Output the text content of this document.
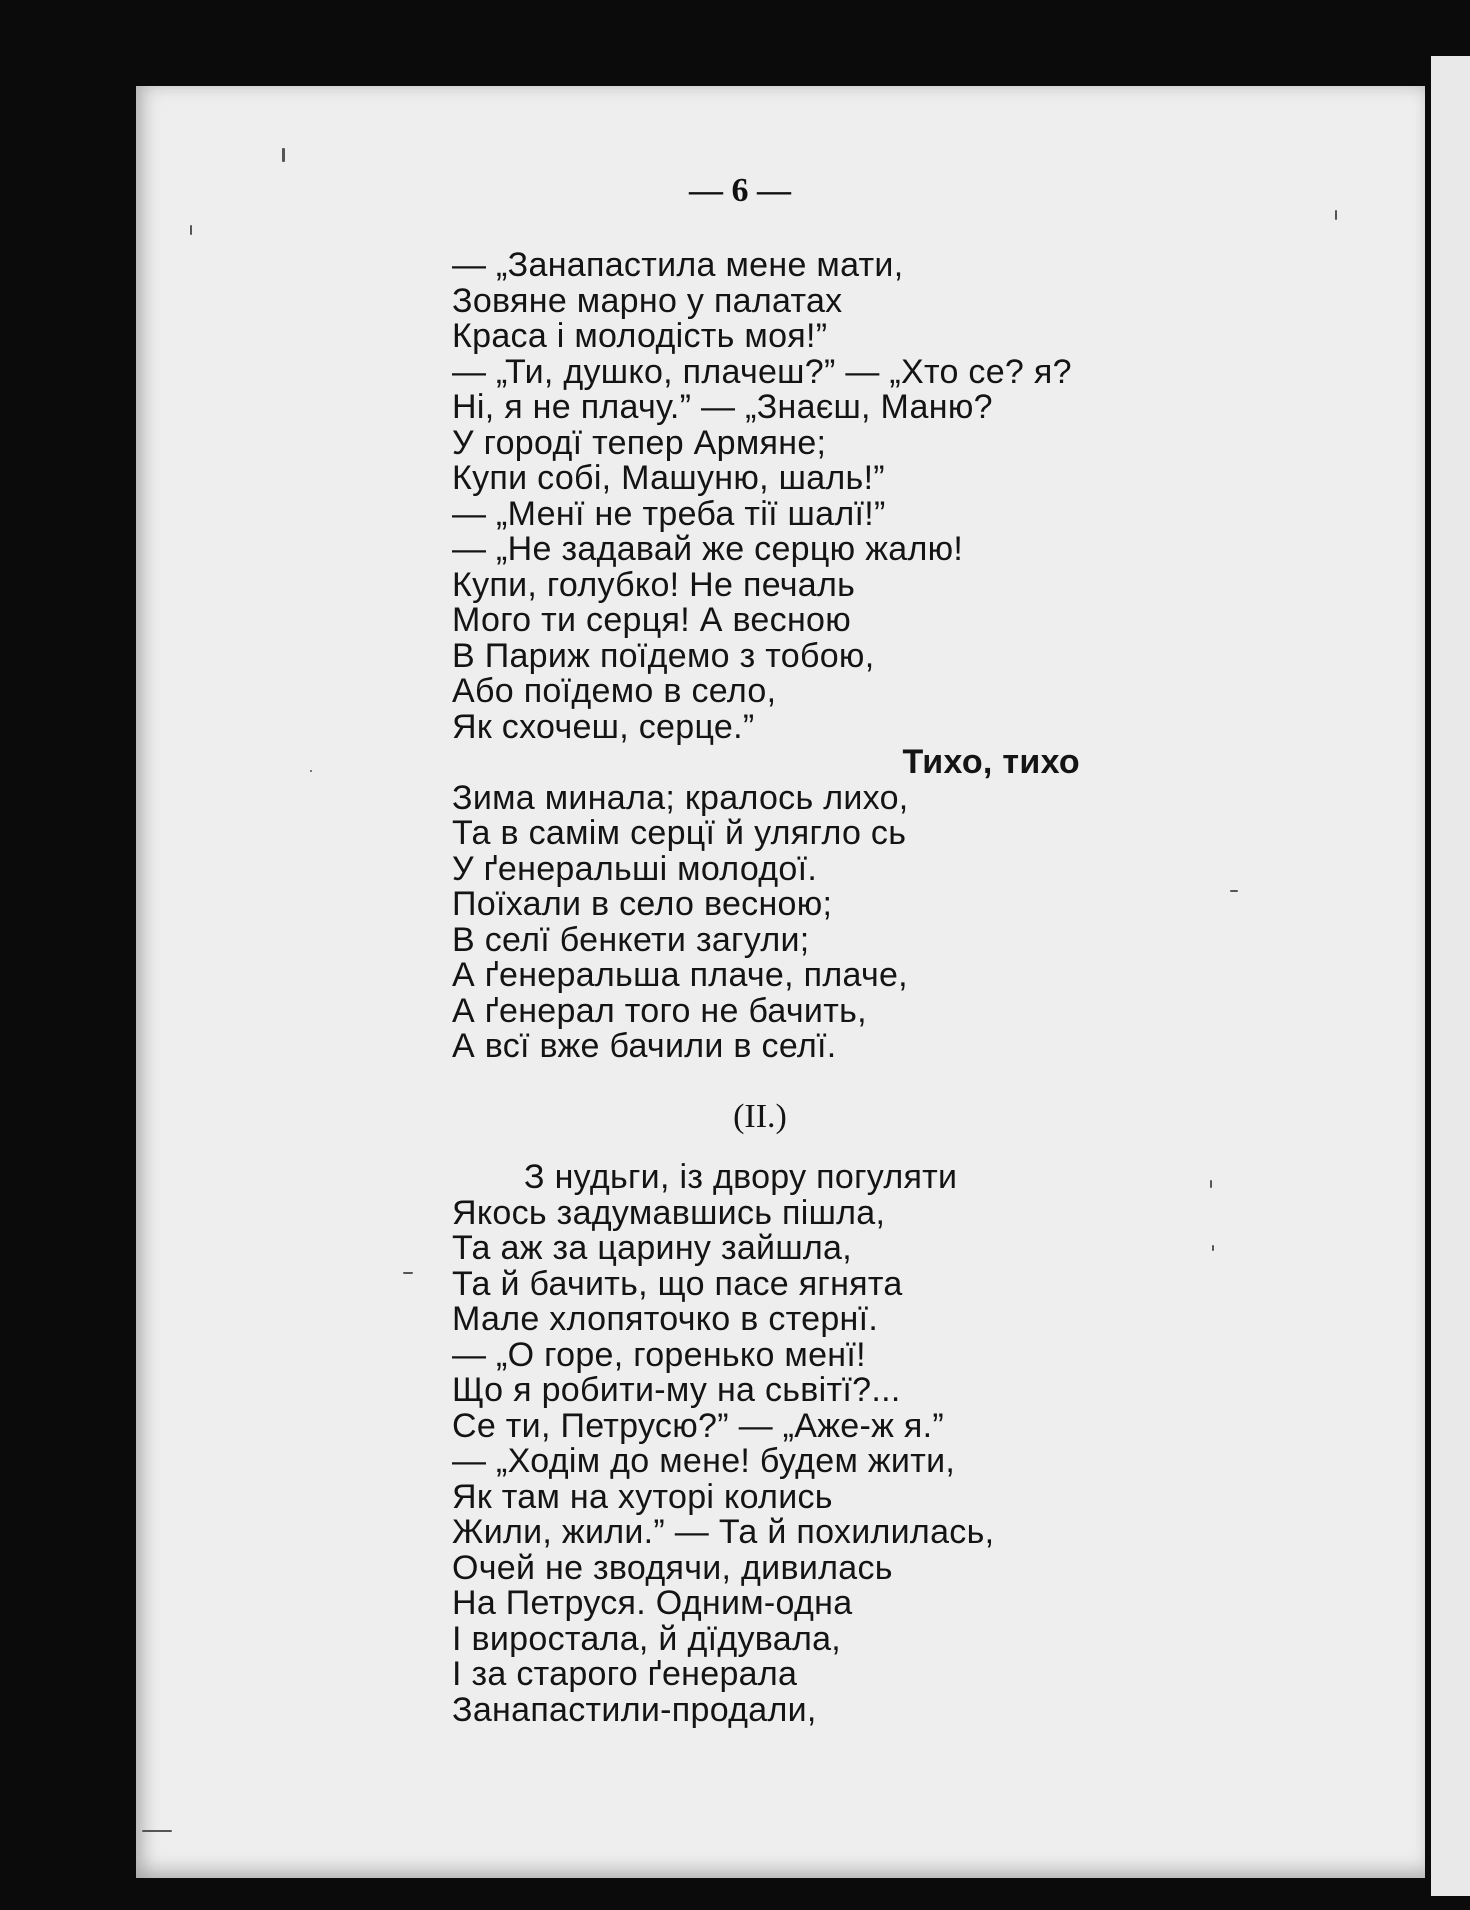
— 6 —
— „Занапастила мене мати,
Зовяне марно у палатах
Краса і молодість моя!”
— „Ти, душко, плачеш?” — „Хто се? я?
Ні, я не плачу.” — „Знаєш, Маню?
У городї тепер Армяне;
Купи собі, Машуню, шаль!”
— „Менї не треба тії шалї!”
— „Не задавай же серцю жалю!
Купи, голубко! Не печаль
Мого ти серця! А весною
В Париж поїдемо з тобою,
Або поїдемо в село,
Як схочеш, серце.”
Тихо, тихо
Зима минала; кралось лихо,
Та в самім серцї й улягло сь
У ґенеральші молодої.
Поїхали в село весною;
В селї бенкети загули;
А ґенеральша плаче, плаче,
А ґенерал того не бачить,
А всї вже бачили в селї.
(II.)
З нудьги, із двору погуляти
Якось задумавшись пішла,
Та аж за царину зайшла,
Та й бачить, що пасе ягнята
Мале хлопяточко в стернї.
— „О горе, горенько менї!
Що я робити-му на сьвітї?...
Се ти, Петрусю?” — „Аже-ж я.”
— „Ходім до мене! будем жити,
Як там на хуторі колись
Жили, жили.” — Та й похилилась,
Очей не зводячи, дивилась
На Петруся. Одним-одна
І виростала, й дїдувала,
І за старого ґенерала
Занапастили-продали,
